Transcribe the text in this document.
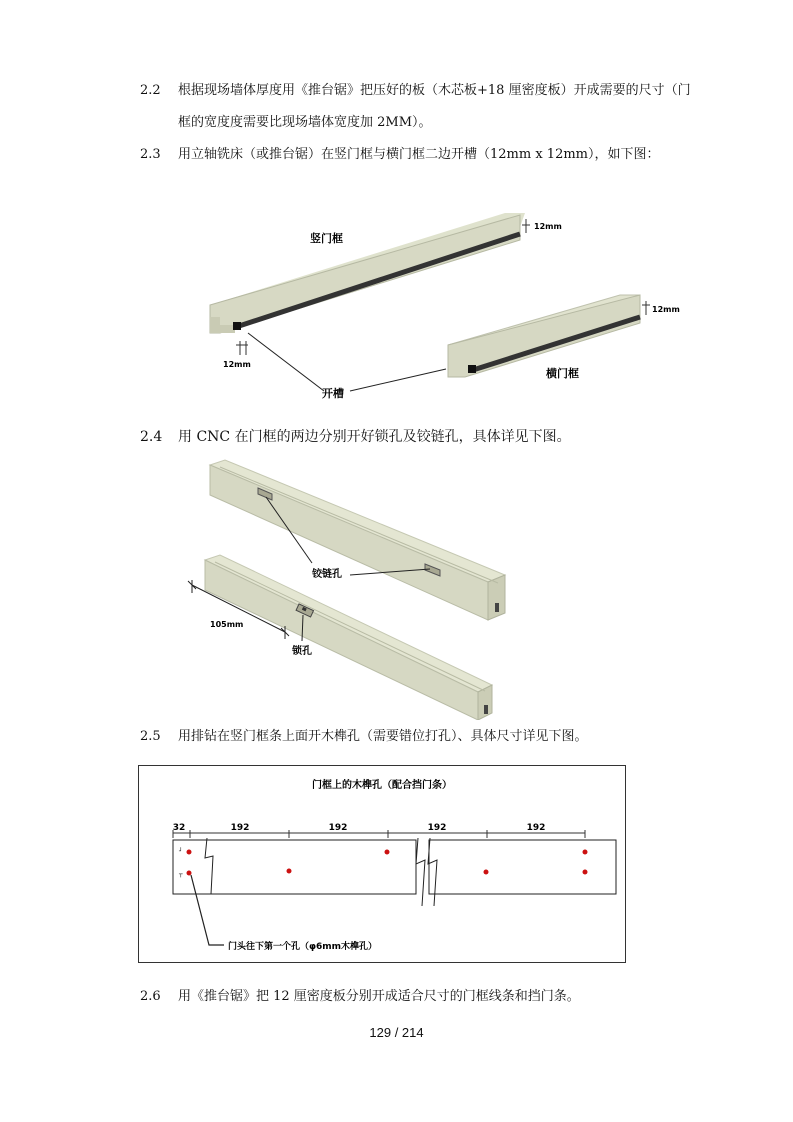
2.2 根据现场墙体厚度用《推台锯》把压好的板（木芯板+18 厘密度板）开成需要的尺寸（门
框的宽度度需要比现场墙体宽度加 2MM）。
2.3 用立轴铣床（或推台锯）在竖门框与横门框二边开槽（12mm x 12mm），如下图：
竖门框
12mm
12mm
12mm
开槽
横门框
2.4 用 CNC 在门框的两边分别开好锁孔及铰链孔，具体详见下图。
铰链孔
105mm
锁孔
2.5 用排钻在竖门框条上面开木榫孔（需要错位打孔）、具体尺寸详见下图。
门框上的木榫孔（配合挡门条）
32	192	192	192	192
┘
┬
门头往下第一个孔（φ6mm木榫孔）
2.6 用《推台锯》把 12 厘密度板分别开成适合尺寸的门框线条和挡门条。
129 / 214
